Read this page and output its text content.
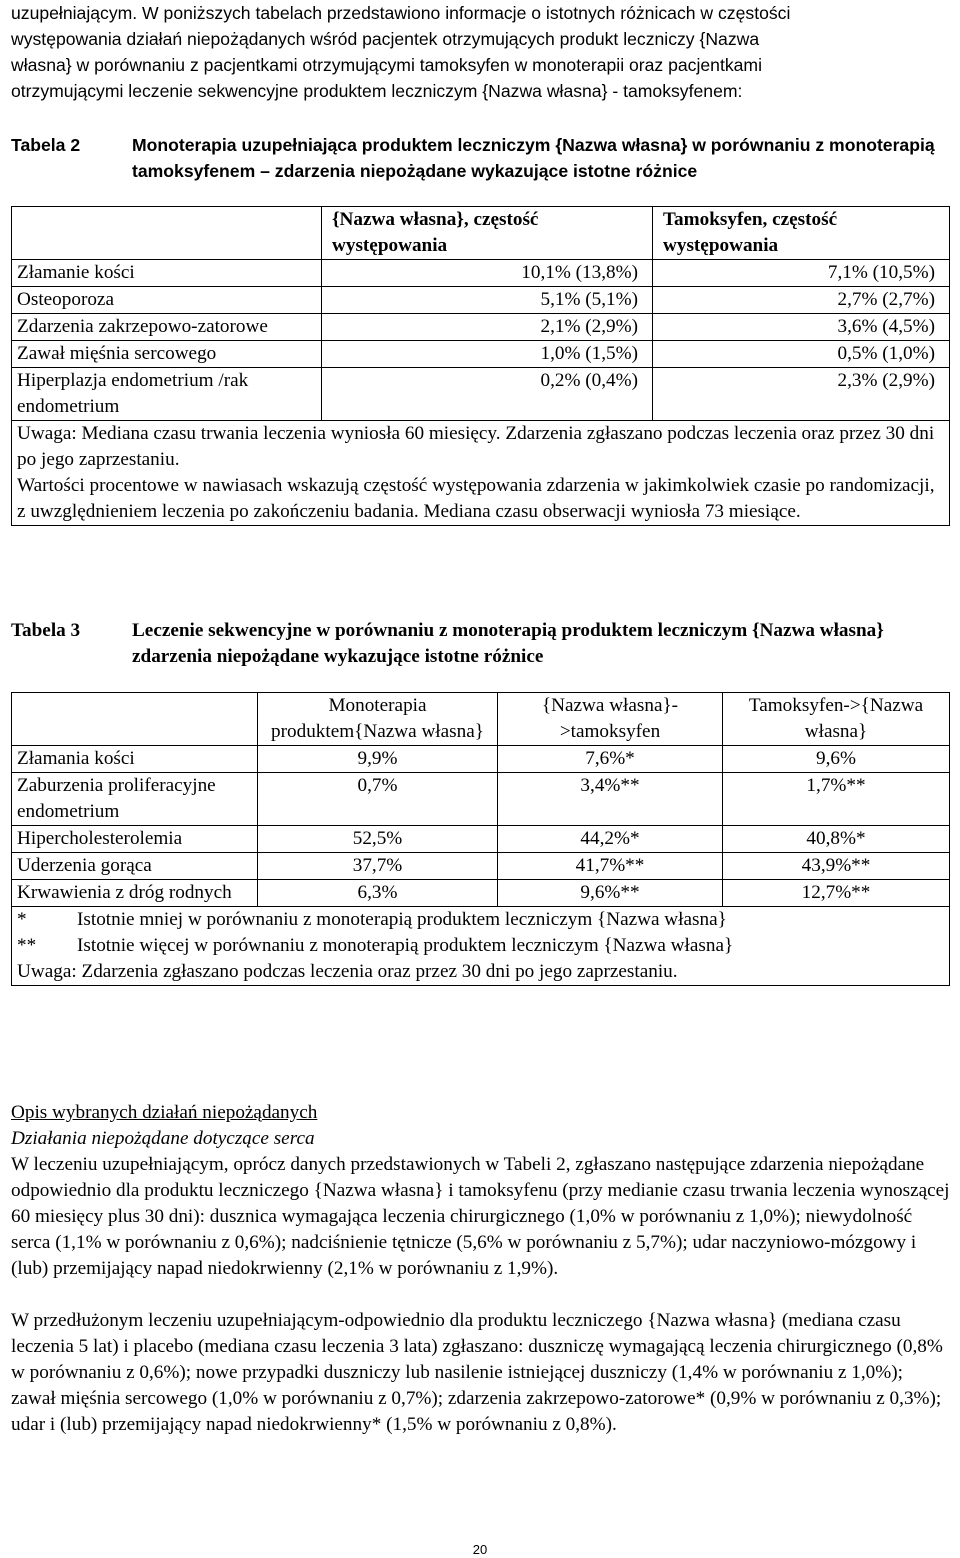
uzupełniającym. W poniższych tabelach przedstawiono informacje o istotnych różnicach w częstości

występowania działań niepożądanych wśród pacjentek otrzymujących produkt leczniczy {Nazwa

własna} w porównaniu z pacjentkami otrzymującymi tamoksyfen w monoterapii oraz pacjentkami

otrzymującymi leczenie sekwencyjne produktem leczniczym {Nazwa własna} - tamoksyfenem:

Tabela 2	Monoterapia uzupełniająca produktem leczniczym {Nazwa własna} w porównaniu z monoterapią tamoksyfenem – zdarzenia niepożądane wykazujące istotne różnice
	{Nazwa własna}, częstość występowania	Tamoksyfen, częstość występowania
Złamanie kości	10,1% (13,8%)	7,1% (10,5%)
Osteoporoza	5,1% (5,1%)	2,7% (2,7%)
Zdarzenia zakrzepowo-zatorowe	2,1% (2,9%)	3,6% (4,5%)
Zawał mięśnia sercowego	1,0% (1,5%)	0,5% (1,0%)
Hiperplazja endometrium /rak endometrium	0,2% (0,4%)	2,3% (2,9%)

Uwaga: Mediana czasu trwania leczenia wyniosła 60 miesięcy. Zdarzenia zgłaszano podczas leczenia oraz przez 30 dni po jego zaprzestaniu.
Wartości procentowe w nawiasach wskazują częstość występowania zdarzenia w jakimkolwiek czasie po randomizacji, z uwzględnieniem leczenia po zakończeniu badania. Mediana czasu obserwacji wyniosła 73 miesiące.		
Tabela 3	Leczenie sekwencyjne w porównaniu z monoterapią produktem leczniczym {Nazwa własna} zdarzenia niepożądane wykazujące istotne różnice
	Monoterapia produktem{Nazwa własna}	{Nazwa własna}->tamoksyfen	Tamoksyfen->{Nazwa własna}
Złamania kości	9,9%	7,6%*	9,6%
Zaburzenia proliferacyjne endometrium	0,7%	3,4%**	1,7%**
Hipercholesterolemia	52,5%	44,2%*	40,8%*
Uderzenia gorąca	37,7%	41,7%**	43,9%**
Krwawienia z dróg rodnych	6,3%	9,6%**	12,7%**

* Istotnie mniej w porównaniu z monoterapią produktem leczniczym {Nazwa własna}
** Istotnie więcej w porównaniu z monoterapią produktem leczniczym {Nazwa własna}
Uwaga: Zdarzenia zgłaszano podczas leczenia oraz przez 30 dni po jego zaprzestaniu.			

Opis wybranych działań niepożądanych

Działania niepożądane dotyczące serca

W leczeniu uzupełniającym, oprócz danych przedstawionych w Tabeli 2, zgłaszano następujące zdarzenia niepożądane odpowiednio dla produktu leczniczego {Nazwa własna} i tamoksyfenu (przy medianie czasu trwania leczenia wynoszącej 60 miesięcy plus 30 dni): dusznica wymagająca leczenia chirurgicznego (1,0% w porównaniu z 1,0%); niewydolność serca (1,1% w porównaniu z 0,6%); nadciśnienie tętnicze (5,6% w porównaniu z 5,7%); udar naczyniowo-mózgowy i (lub) przemijający napad niedokrwienny (2,1% w porównaniu z 1,9%).

W przedłużonym leczeniu uzupełniającym-odpowiednio dla produktu leczniczego {Nazwa własna} (mediana czasu leczenia 5 lat) i placebo (mediana czasu leczenia 3 lata) zgłaszano: duszniczę wymagającą leczenia chirurgicznego (0,8% w porównaniu z 0,6%); nowe przypadki duszniczy lub nasilenie istniejącej duszniczy (1,4% w porównaniu z 1,0%); zawał mięśnia sercowego (1,0% w porównaniu z 0,7%); zdarzenia zakrzepowo-zatorowe* (0,9% w porównaniu z 0,3%); udar i (lub) przemijający napad niedokrwienny* (1,5% w porównaniu z 0,8%).

20
